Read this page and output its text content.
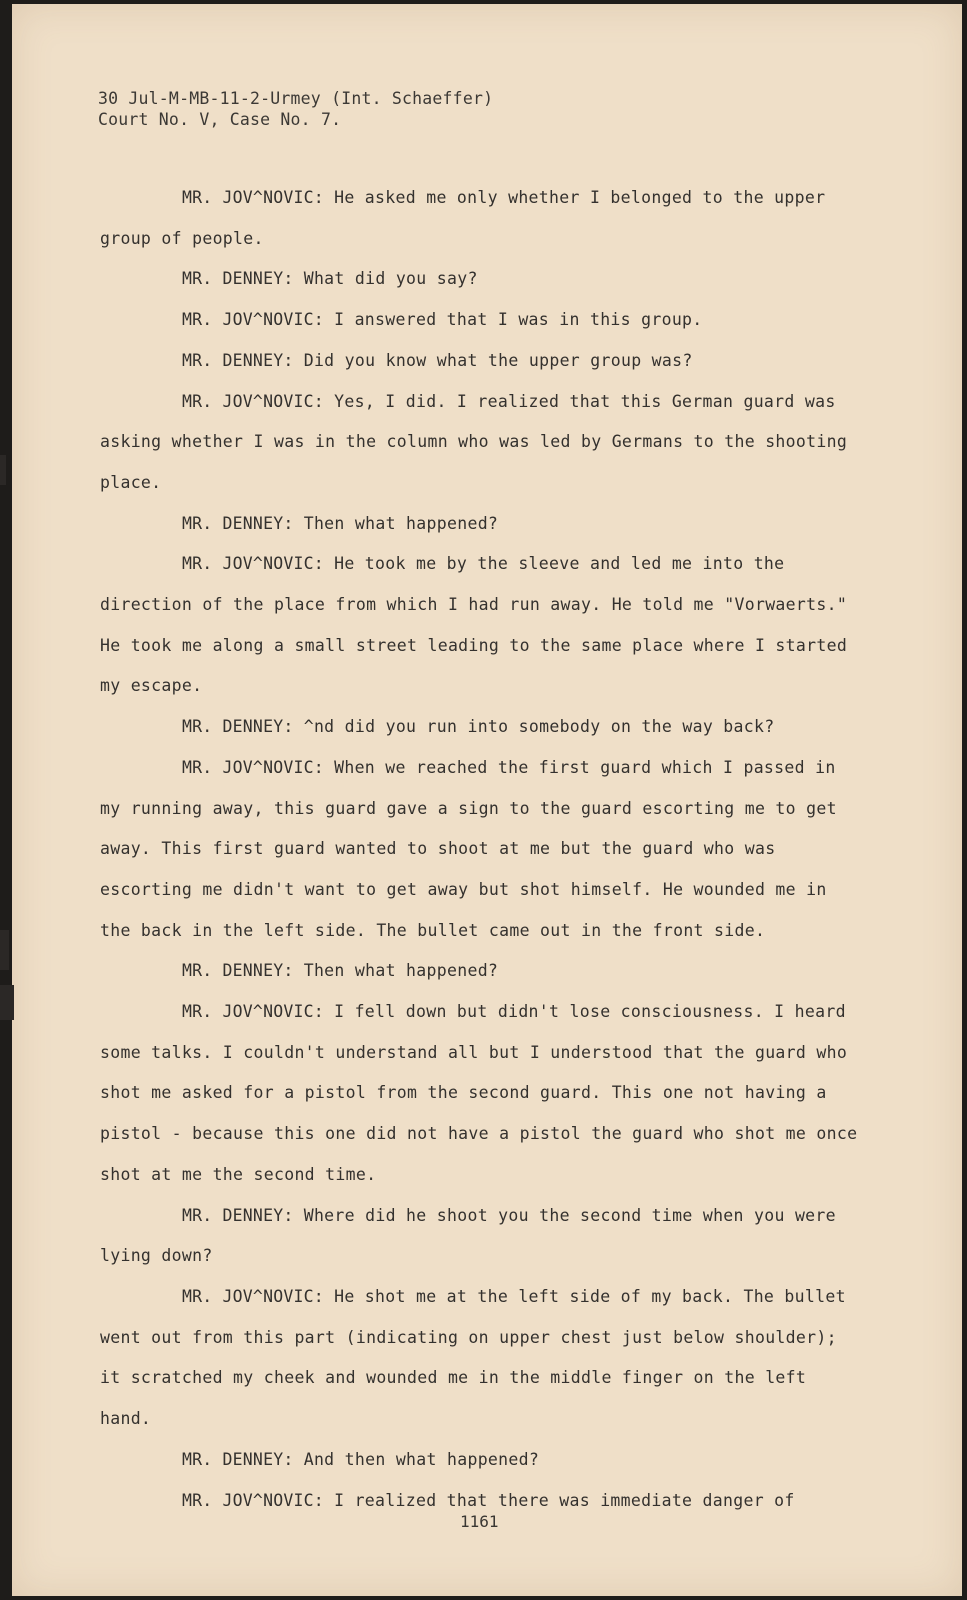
30 Jul-M-MB-11-2-Urmey (Int. Schaeffer)
Court No. V, Case No. 7.

MR. JOV^NOVIC: He asked me only whether I belonged to the upper group of people.

MR. DENNEY: What did you say?

MR. JOV^NOVIC: I answered that I was in this group.

MR. DENNEY: Did you know what the upper group was?

MR. JOV^NOVIC: Yes, I did. I realized that this German guard was asking whether I was in the column who was led by Germans to the shooting place.

MR. DENNEY: Then what happened?

MR. JOV^NOVIC: He took me by the sleeve and led me into the direction of the place from which I had run away. He told me "Vorwaerts." He took me along a small street leading to the same place where I started my escape.

MR. DENNEY: ^nd did you run into somebody on the way back?

MR. JOV^NOVIC: When we reached the first guard which I passed in my running away, this guard gave a sign to the guard escorting me to get away. This first guard wanted to shoot at me but the guard who was escorting me didn't want to get away but shot himself. He wounded me in the back in the left side. The bullet came out in the front side.

MR. DENNEY: Then what happened?

MR. JOV^NOVIC: I fell down but didn't lose consciousness. I heard some talks. I couldn't understand all but I understood that the guard who shot me asked for a pistol from the second guard. This one not having a pistol - because this one did not have a pistol the guard who shot me once shot at me the second time.

MR. DENNEY: Where did he shoot you the second time when you were lying down?

MR. JOV^NOVIC: He shot me at the left side of my back. The bullet went out from this part (indicating on upper chest just below shoulder); it scratched my cheek and wounded me in the middle finger on the left hand.

MR. DENNEY: And then what happened?

MR. JOV^NOVIC: I realized that there was immediate danger of

1161
